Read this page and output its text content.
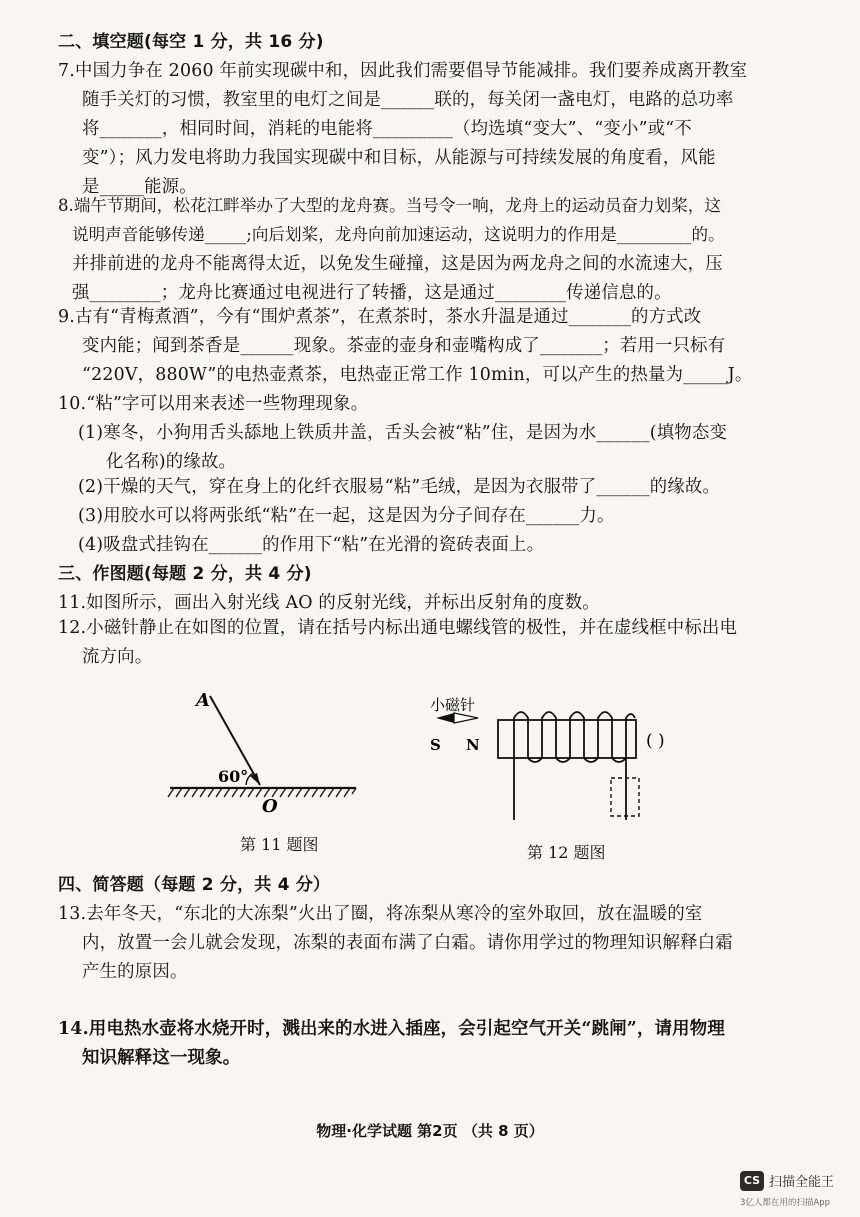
二、填空题(每空 1 分，共 16 分)
7.中国力争在 2060 年前实现碳中和，因此我们需要倡导节能减排。我们要养成离开教室
随手关灯的习惯，教室里的电灯之间是______联的，每关闭一盏电灯，电路的总功率
将_______，相同时间，消耗的电能将_________（均选填“变大”、“变小”或“不
变”）；风力发电将助力我国实现碳中和目标，从能源与可持续发展的角度看，风能
是_____能源。
8.端午节期间，松花江畔举办了大型的龙舟赛。当号令一响，龙舟上的运动员奋力划桨，这
说明声音能够传递_____;向后划桨，龙舟向前加速运动，这说明力的作用是_________的。
并排前进的龙舟不能离得太近，以免发生碰撞，这是因为两龙舟之间的水流速大，压
强________；龙舟比赛通过电视进行了转播，这是通过________传递信息的。
9.古有“青梅煮酒”，今有“围炉煮茶”，在煮茶时，茶水升温是通过_______的方式改
变内能；闻到茶香是______现象。茶壶的壶身和壶嘴构成了_______；若用一只标有
“220V，880W”的电热壶煮茶，电热壶正常工作 10min，可以产生的热量为_____J。
10.“粘”字可以用来表述一些物理现象。
(1)寒冬，小狗用舌头舔地上铁质井盖，舌头会被“粘”住，是因为水______(填物态变
化名称)的缘故。
(2)干燥的天气，穿在身上的化纤衣服易“粘”毛绒，是因为衣服带了______的缘故。
(3)用胶水可以将两张纸“粘”在一起，这是因为分子间存在______力。
(4)吸盘式挂钩在______的作用下“粘”在光滑的瓷砖表面上。
三、作图题(每题 2 分，共 4 分)
11.如图所示，画出入射光线 AO 的反射光线，并标出反射角的度数。
12.小磁针静止在如图的位置，请在括号内标出通电螺线管的极性，并在虚线框中标出电
流方向。
A
60°
O
第 11 题图
小磁针
S N	( )
第 12 题图
四、简答题（每题 2 分，共 4 分）
13.去年冬天，“东北的大冻梨”火出了圈，将冻梨从寒冷的室外取回，放在温暖的室
内，放置一会儿就会发现，冻梨的表面布满了白霜。请你用学过的物理知识解释白霜
产生的原因。
14.用电热水壶将水烧开时，溅出来的水进入插座，会引起空气开关“跳闸”，请用物理
知识解释这一现象。
物理·化学试题 第2页 （共 8 页）
CS 扫描全能王
3亿人都在用的扫描App
